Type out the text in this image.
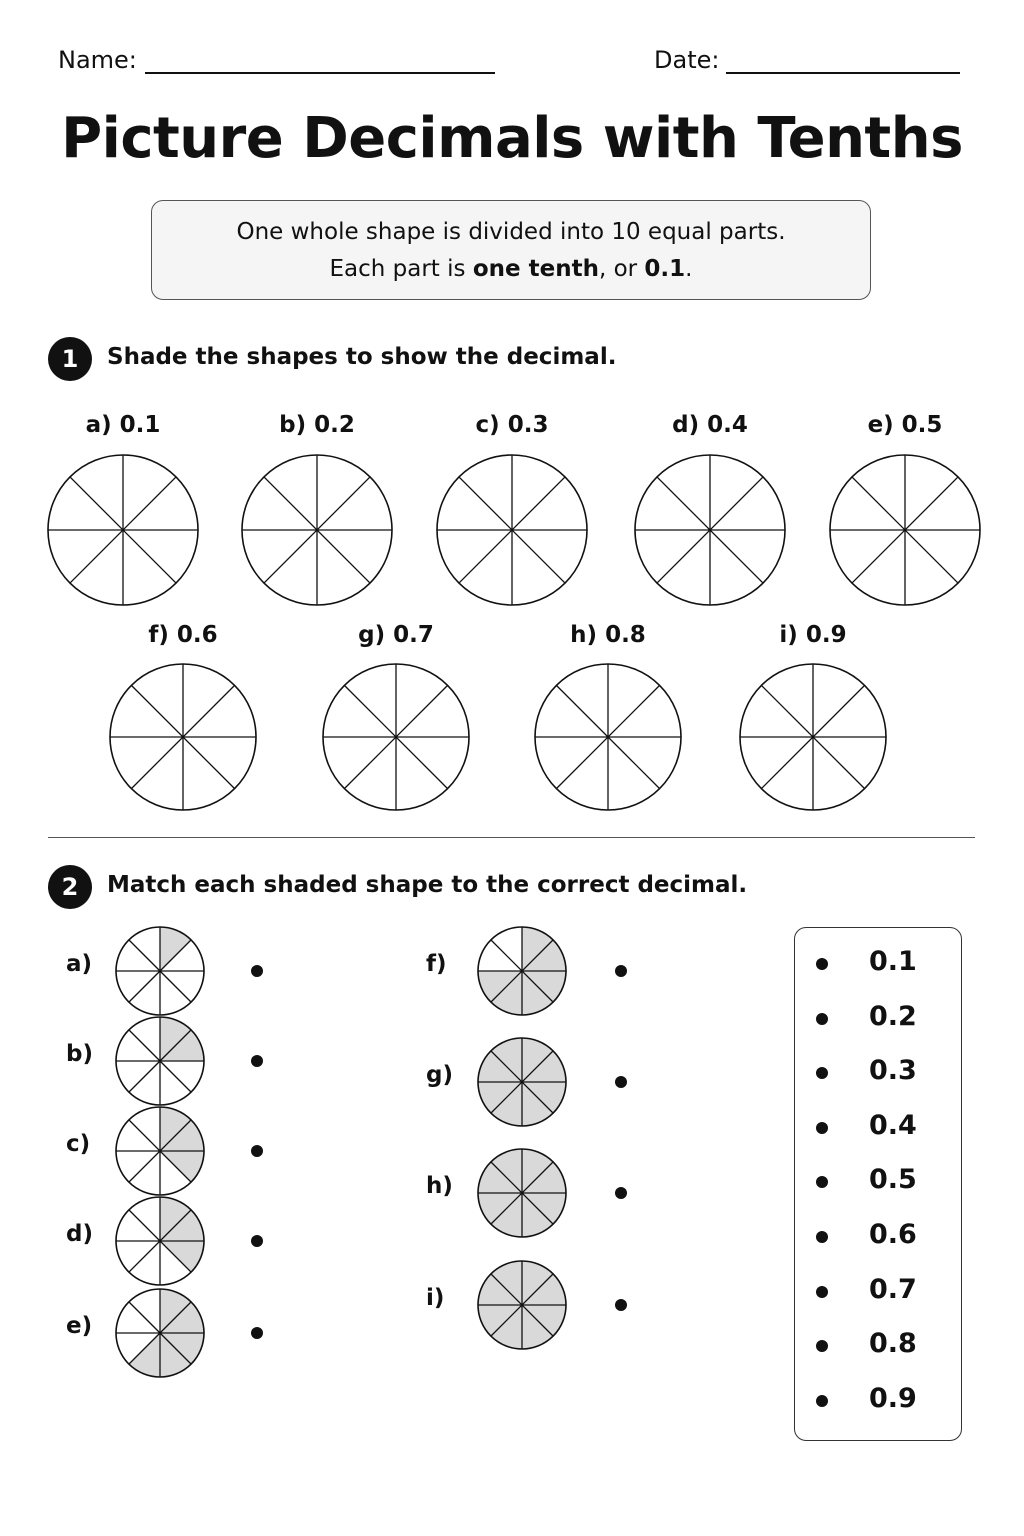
Name:	Date:
Picture Decimals with Tenths
One whole shape is divided into 10 equal parts.
Each part is one tenth, or 0.1.
1	Shade the shapes to show the decimal.
a) 0.1	b) 0.2	c) 0.3	d) 0.4	e) 0.5
f) 0.6	g) 0.7	h) 0.8	i) 0.9
2	Match each shaded shape to the correct decimal.
a)
b)
c)
d)
e)
f)
g)
h)
i)
0.1
0.2
0.3
0.4
0.5
0.6
0.7
0.8
0.9
